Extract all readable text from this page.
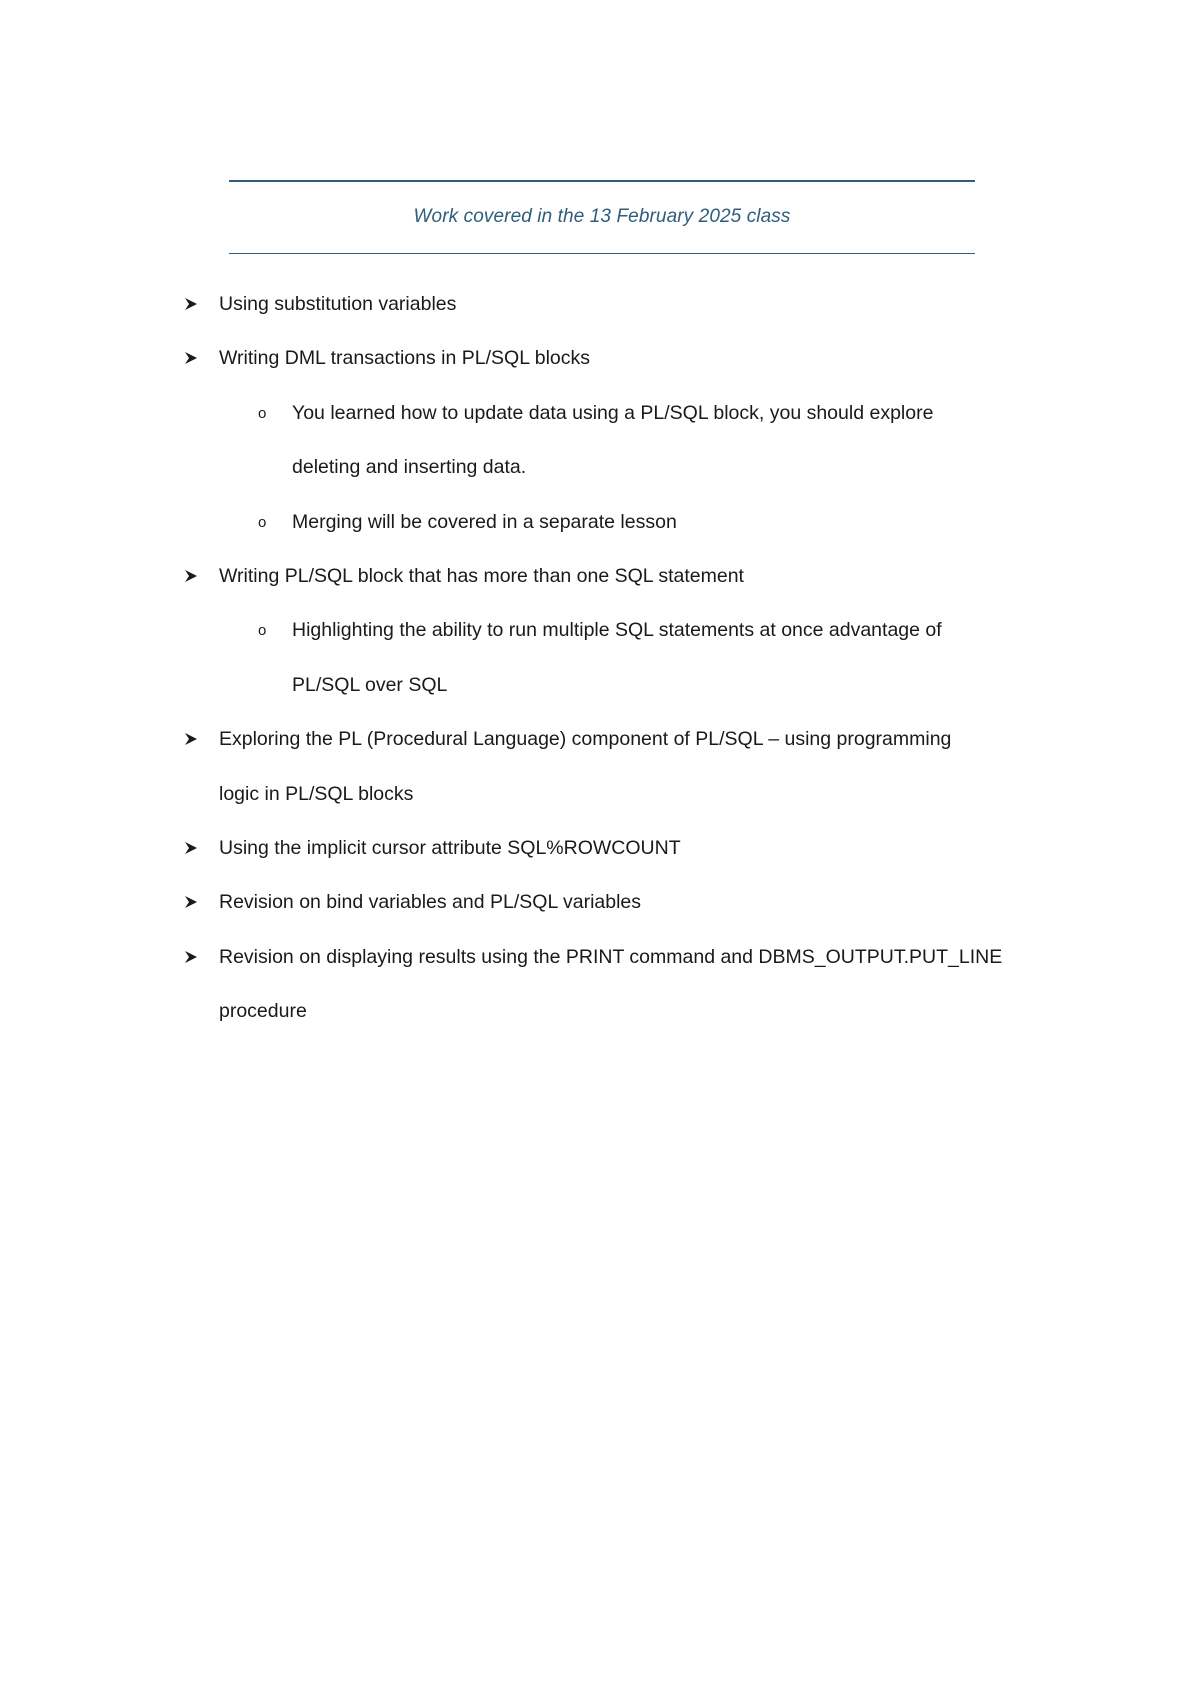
Work covered in the 13 February 2025 class
Using substitution variables
Writing DML transactions in PL/SQL blocks
o You learned how to update data using a PL/SQL block, you should explore
deleting and inserting data.
o Merging will be covered in a separate lesson
Writing PL/SQL block that has more than one SQL statement
o Highlighting the ability to run multiple SQL statements at once advantage of
PL/SQL over SQL
Exploring the PL (Procedural Language) component of PL/SQL – using programming
logic in PL/SQL blocks
Using the implicit cursor attribute SQL%ROWCOUNT
Revision on bind variables and PL/SQL variables
Revision on displaying results using the PRINT command and DBMS_OUTPUT.PUT_LINE
procedure
